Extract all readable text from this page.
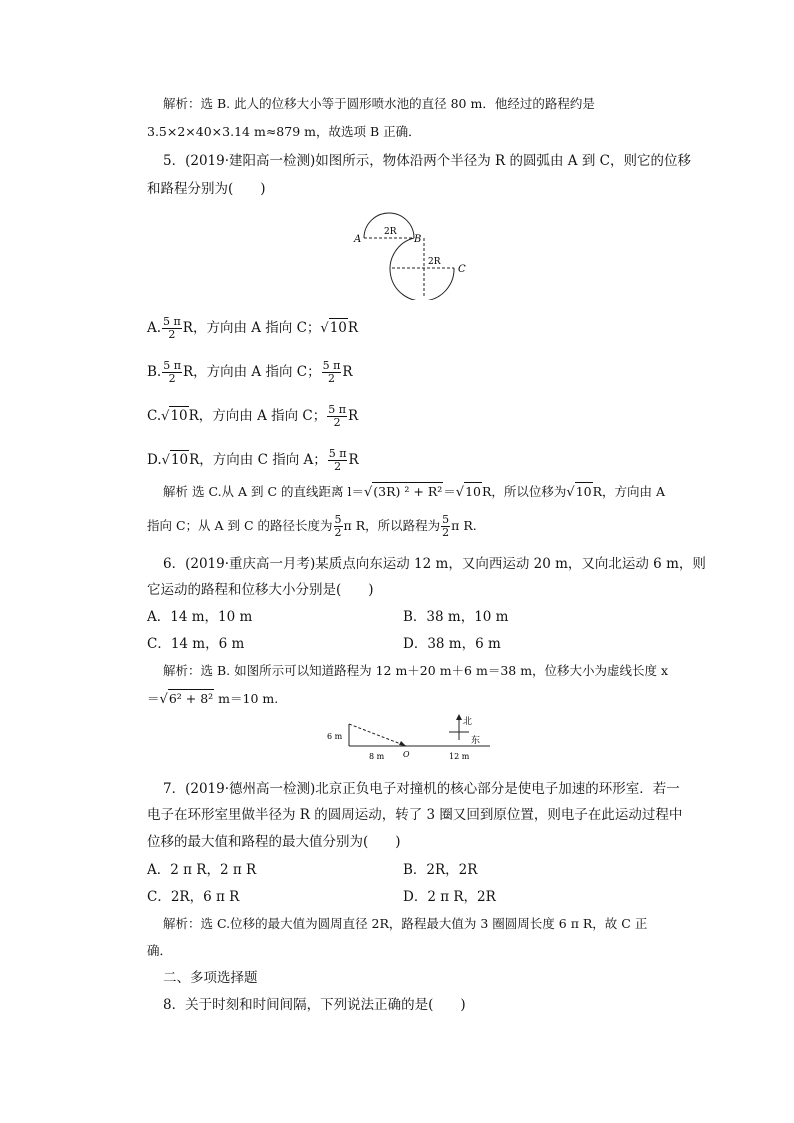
解析：选 B. 此人的位移大小等于圆形喷水池的直径 80 m．他经过的路程约是
3.5×2×40×3.14 m≈879 m，故选项 B 正确．
5．(2019·建阳高一检测)如图所示，物体沿两个半径为 R 的圆弧由 A 到 C，则它的位移
和路程分别为(　　)
A	B
C
2R
2R
A. $\frac{5 \pi}{2}$ R，方向由 A 指向 C；√10R
B. $\frac{5 \pi}{2}$ R，方向由 A 指向 C； $\frac{5 \pi}{2}$ R
C.√10R，方向由 A 指向 C； $\frac{5 \pi}{2}$ R
D.√10R，方向由 C 指向 A； $\frac{5 \pi}{2}$ R
解析 选 C.从 A 到 C 的直线距离 l＝√(3R) ² + R²＝√10R，所以位移为√10R，方向由 A
指向 C；从 A 到 C 的路径长度为 $\frac{5}{2}$ π R，所以路程为 $\frac{5}{2}$ π R.
6．(2019·重庆高一月考)某质点向东运动 12 m，又向西运动 20 m，又向北运动 6 m，则
它运动的路程和位移大小分别是(　　)
A．14 m，10 m	B．38 m，10 m
C．14 m，6 m	D．38 m，6 m
解析：选 B. 如图所示可以知道路程为 12 m＋20 m＋6 m＝38 m，位移大小为虚线长度 x
＝√6² + 8² m＝10 m.
6 m
8 m O	12 m
北
东
7．(2019·德州高一检测)北京正负电子对撞机的核心部分是使电子加速的环形室．若一
电子在环形室里做半径为 R 的圆周运动，转了 3 圈又回到原位置，则电子在此运动过程中
位移的最大值和路程的最大值分别为(　　)
A．2 π R，2 π R	B．2R，2R
C．2R，6 π R	D．2 π R，2R
解析：选 C.位移的最大值为圆周直径 2R，路程最大值为 3 圈圆周长度 6 π R，故 C 正
确．
二、多项选择题
8．关于时刻和时间间隔，下列说法正确的是(　　)
